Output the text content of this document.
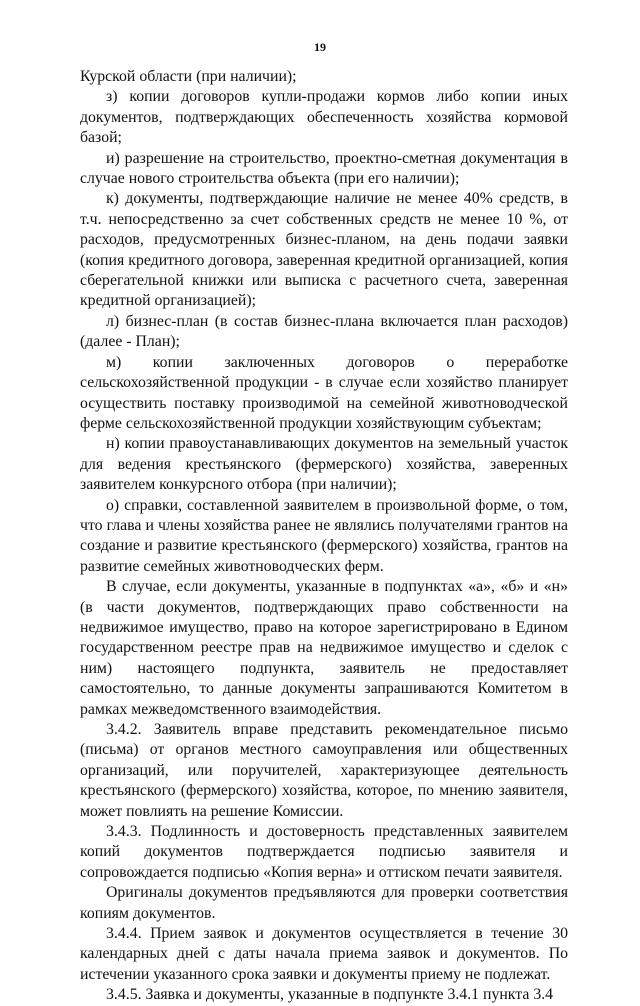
19

Курской области (при наличии);

з) копии договоров купли-продажи кормов либо копии иных документов, подтверждающих обеспеченность хозяйства кормовой базой;

и) разрешение на строительство, проектно-сметная документация в случае нового строительства объекта (при его наличии);

к) документы, подтверждающие наличие не менее 40% средств, в т.ч. непосредственно за счет собственных средств не менее 10 %, от расходов, предусмотренных бизнес-планом, на день подачи заявки (копия кредитного договора, заверенная кредитной организацией, копия сберегательной книжки или выписка с расчетного счета, заверенная кредитной организацией);

л) бизнес-план (в состав бизнес-плана включается план расходов) (далее - План);

м) копии заключенных договоров о переработке сельскохозяйственной продукции - в случае если хозяйство планирует осуществить поставку производимой на семейной животноводческой ферме сельскохозяйственной продукции хозяйствующим субъектам;

н) копии правоустанавливающих документов на земельный участок для ведения крестьянского (фермерского) хозяйства, заверенных заявителем конкурсного отбора (при наличии);

о) справки, составленной заявителем в произвольной форме, о том, что глава и члены хозяйства ранее не являлись получателями грантов на создание и развитие крестьянского (фермерского) хозяйства, грантов на развитие семейных животноводческих ферм.

В случае, если документы, указанные в подпунктах «а», «б» и «н» (в части документов, подтверждающих право собственности на недвижимое имущество, право на которое зарегистрировано в Едином государственном реестре прав на недвижимое имущество и сделок с ним) настоящего подпункта, заявитель не предоставляет самостоятельно, то данные документы запрашиваются Комитетом в рамках межведомственного взаимодействия.

3.4.2. Заявитель вправе представить рекомендательное письмо (письма) от органов местного самоуправления или общественных организаций, или поручителей, характеризующее деятельность крестьянского (фермерского) хозяйства, которое, по мнению заявителя, может повлиять на решение Комиссии.

3.4.3. Подлинность и достоверность представленных заявителем копий документов подтверждается подписью заявителя и сопровождается подписью «Копия верна» и оттиском печати заявителя.

Оригиналы документов предъявляются для проверки соответствия копиям документов.

3.4.4. Прием заявок и документов осуществляется в течение 30 календарных дней с даты начала приема заявок и документов. По истечении указанного срока заявки и документы приему не подлежат.

3.4.5. Заявка и документы, указанные в подпункте 3.4.1 пункта 3.4
